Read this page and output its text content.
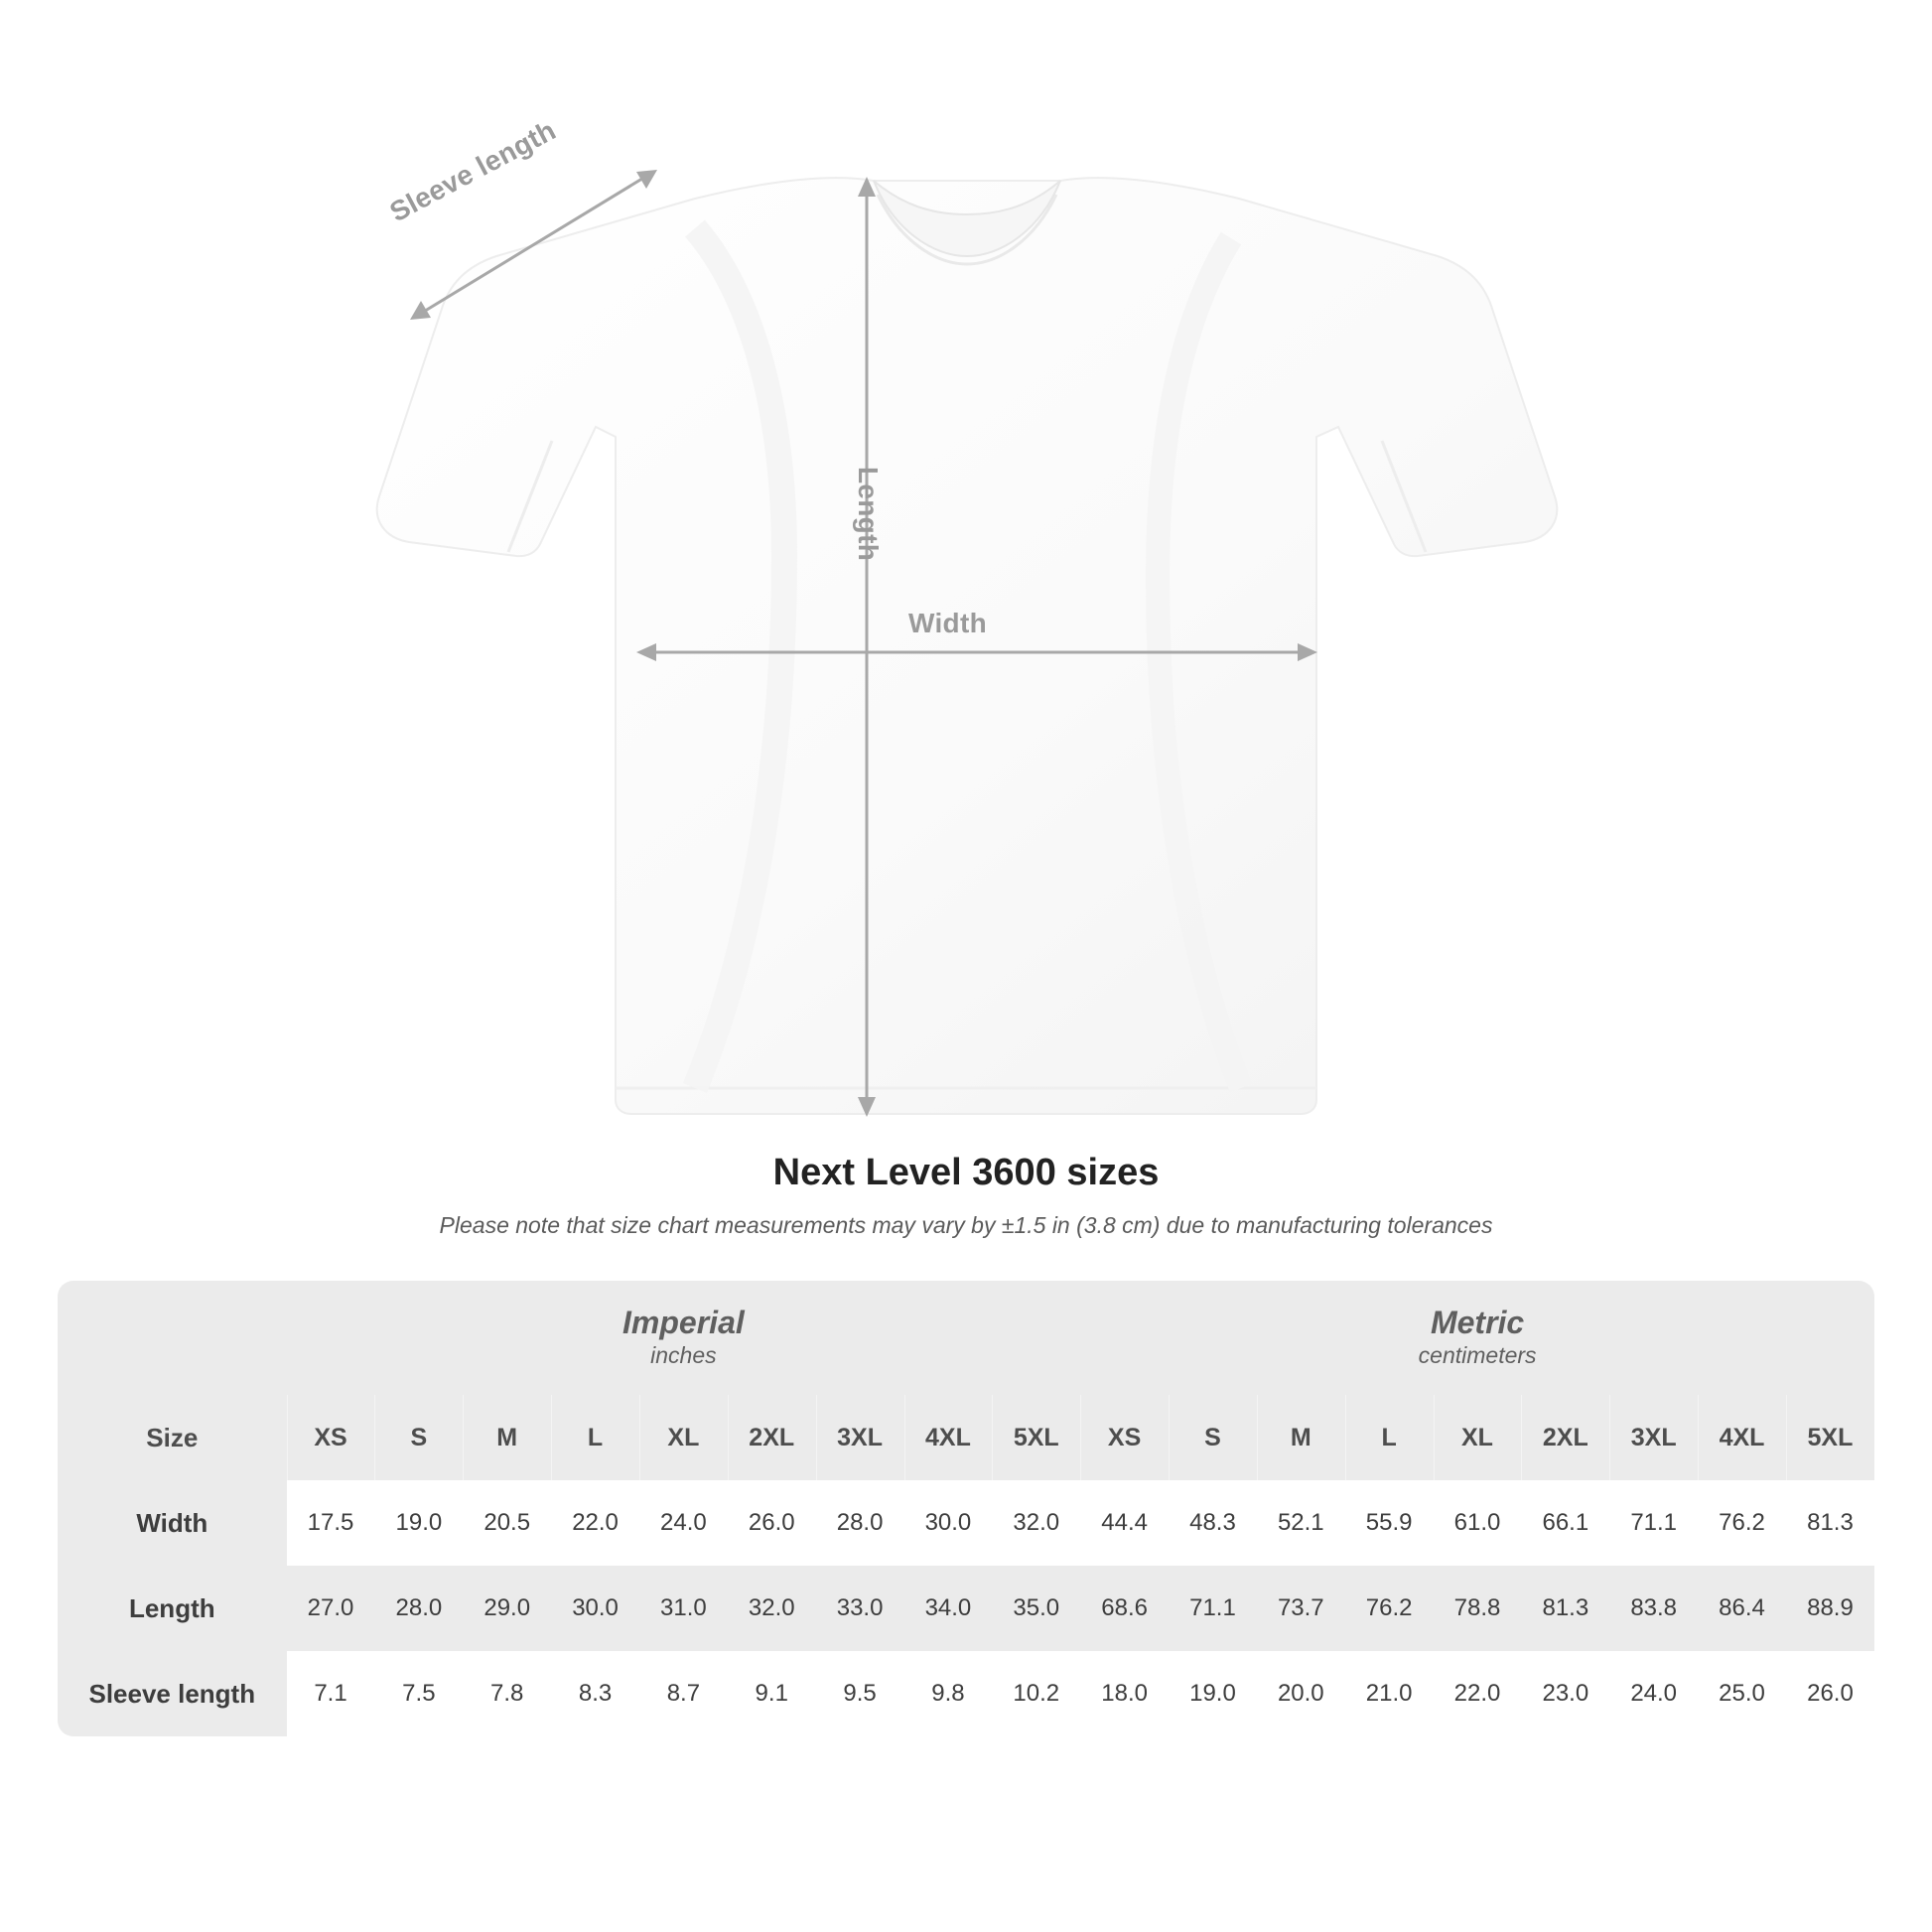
Sleeve length
Length
Width
Next Level 3600 sizes

Please note that size chart measurements may vary by ±1.5 in (3.8 cm) due to manufacturing tolerances

	Imperial
inches									Metric
centimeters								

Size	XS	S	M	L	XL	2XL	3XL	4XL	5XL	XS	S	M	L	XL	2XL	3XL	4XL	5XL
Width	17.5	19.0	20.5	22.0	24.0	26.0	28.0	30.0	32.0	44.4	48.3	52.1	55.9	61.0	66.1	71.1	76.2	81.3
Length	27.0	28.0	29.0	30.0	31.0	32.0	33.0	34.0	35.0	68.6	71.1	73.7	76.2	78.8	81.3	83.8	86.4	88.9
Sleeve length	7.1	7.5	7.8	8.3	8.7	9.1	9.5	9.8	10.2	18.0	19.0	20.0	21.0	22.0	23.0	24.0	25.0	26.0
